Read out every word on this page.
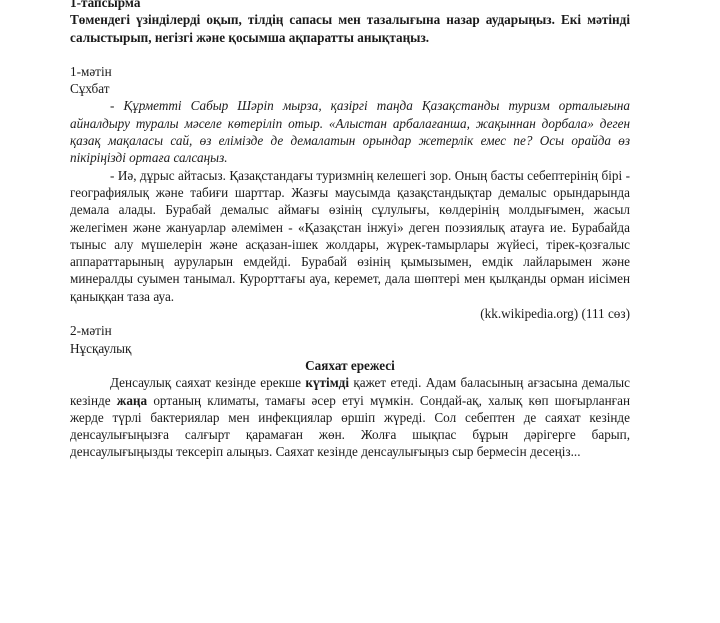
1-тапсырма

Төмендегі үзінділерді оқып, тілдің сапасы мен тазалығына назар аударыңыз. Екі мәтінді салыстырып, негізгі және қосымша ақпаратты анықтаңыз.

1-мәтін

Сұхбат

- Құрметті Сабыр Шәріп мырза, қазіргі таңда Қазақстанды туризм орталығына айналдыру туралы мәселе көтеріліп отыр. «Алыстан арбалағанша, жақыннан дорбала» деген қазақ мақаласы сай, өз еліміздe де демалатын орындар жетерлік емес пе? Осы орайда өз пікіріңізді ортаға салсаңыз.

- Иә, дұрыс айтасыз. Қазақстандағы туризмнің келешегі зор. Оның басты себептерінің бірі - географиялық және табиғи шарттар. Жазғы маусымда қазақстандықтар демалыс орындарында демала алады. Бурабай демалыс аймағы өзінің сұлулығы, көлдерінің молдығымен, жасыл желегімен және жануарлар әлемімен - «Қазақстан інжуі» деген поэзиялық атауға ие. Бурабайда тыныс алу мүшелерін және асқазан-ішек жолдары, жүрек-тамырлары жүйесі, тірек-қозғалыс аппараттарының ауруларын емдейді. Бурабай өзінің қымызымен, емдік лайларымен және минералды суымен танымал. Курорттағы ауа, керемет, дала шөптері мен қылқанды орман иісімен қаныққан таза ауа.

(kk.wikipedia.org) (111 сөз)

2-мәтін

Нұсқаулық

Саяхат ережесі

Денсаулық саяхат кезінде ерекше күтімді қажет етеді. Адам баласының ағзасына демалыс кезінде жаңа ортаның климаты, тамағы әсер етуі мүмкін. Сондай-ақ, халық көп шоғырланған жерде түрлі бактериялар мен инфекциялар өршіп жүреді. Сол себептен де саяхат кезінде денсаулығыңызға салғырт қарамаған жөн. Жолға шықпас бұрын дәрігерге барып, денсаулығыңызды тексеріп алыңыз. Саяхат кезінде денсаулығыңыз сыр бермесін десеңіз...
